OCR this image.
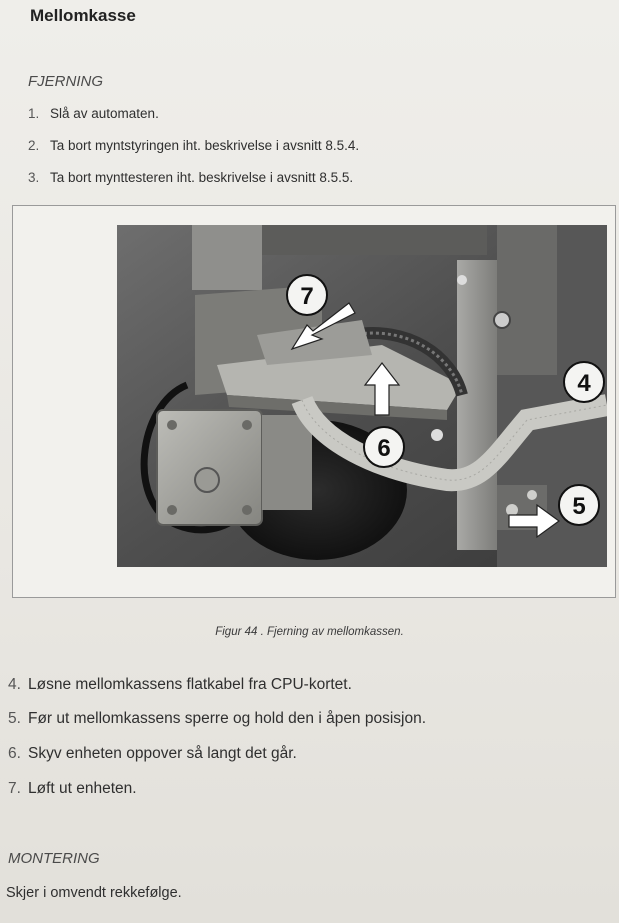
Mellomkasse
FJERNING
1. Slå av automaten.
2. Ta bort myntstyringen iht. beskrivelse i avsnitt 8.5.4.
3. Ta bort mynttesteren iht. beskrivelse i avsnitt 8.5.5.
7
4
6
5
Figur 44 . Fjerning av mellomkassen.
4. Løsne mellomkassens flatkabel fra CPU-kortet.
5. Før ut mellomkassens sperre og hold den i åpen posisjon.
6. Skyv enheten oppover så langt det går.
7. Løft ut enheten.
MONTERING
Skjer i omvendt rekkefølge.
